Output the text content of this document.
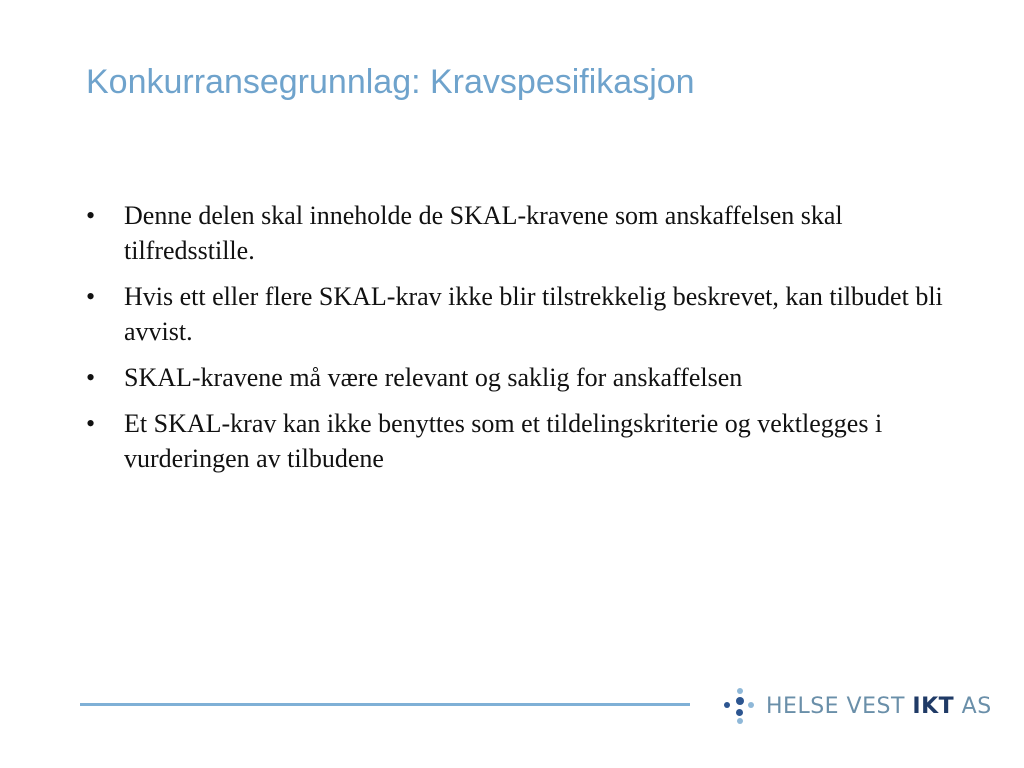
Konkurransegrunnlag: Kravspesifikasjon
•	Denne delen skal inneholde de SKAL-kravene som anskaffelsen skal tilfredsstille.
•	Hvis ett eller flere SKAL-krav ikke blir tilstrekkelig beskrevet, kan tilbudet bli avvist.
•	SKAL-kravene må være relevant og saklig for anskaffelsen
•	Et SKAL-krav kan ikke benyttes som et tildelingskriterie og vektlegges i vurderingen av tilbudene
HELSE VEST IKT AS
